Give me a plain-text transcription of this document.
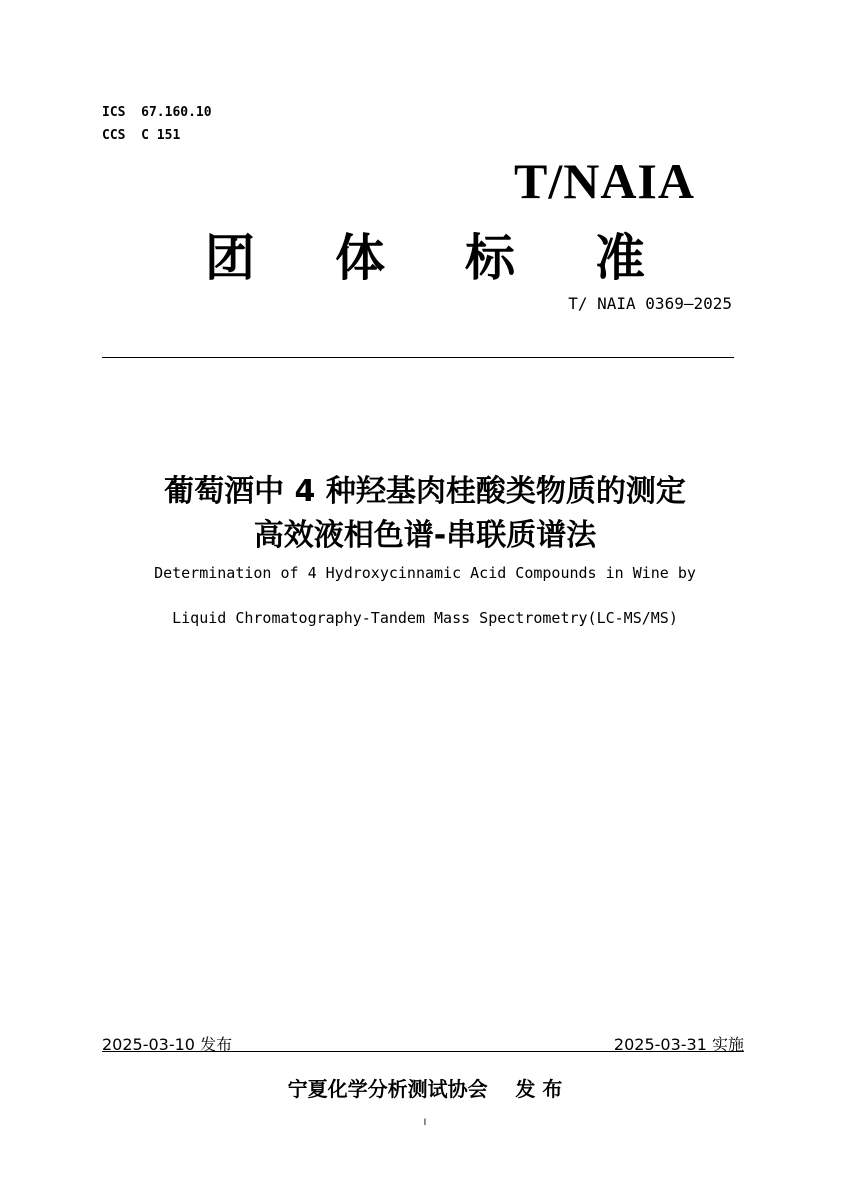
ICS  67.160.10
CCS  C 151
T/NAIA
团 体 标 准
T/ NAIA 0369—2025
葡萄酒中 4 种羟基肉桂酸类物质的测定
高效液相色谱-串联质谱法
Determination of 4 Hydroxycinnamic Acid Compounds in Wine by
Liquid Chromatography-Tandem Mass Spectrometry(LC-MS/MS)
2025-03-10 发布	2025-03-31 实施
宁夏化学分析测试协会    发 布
I
